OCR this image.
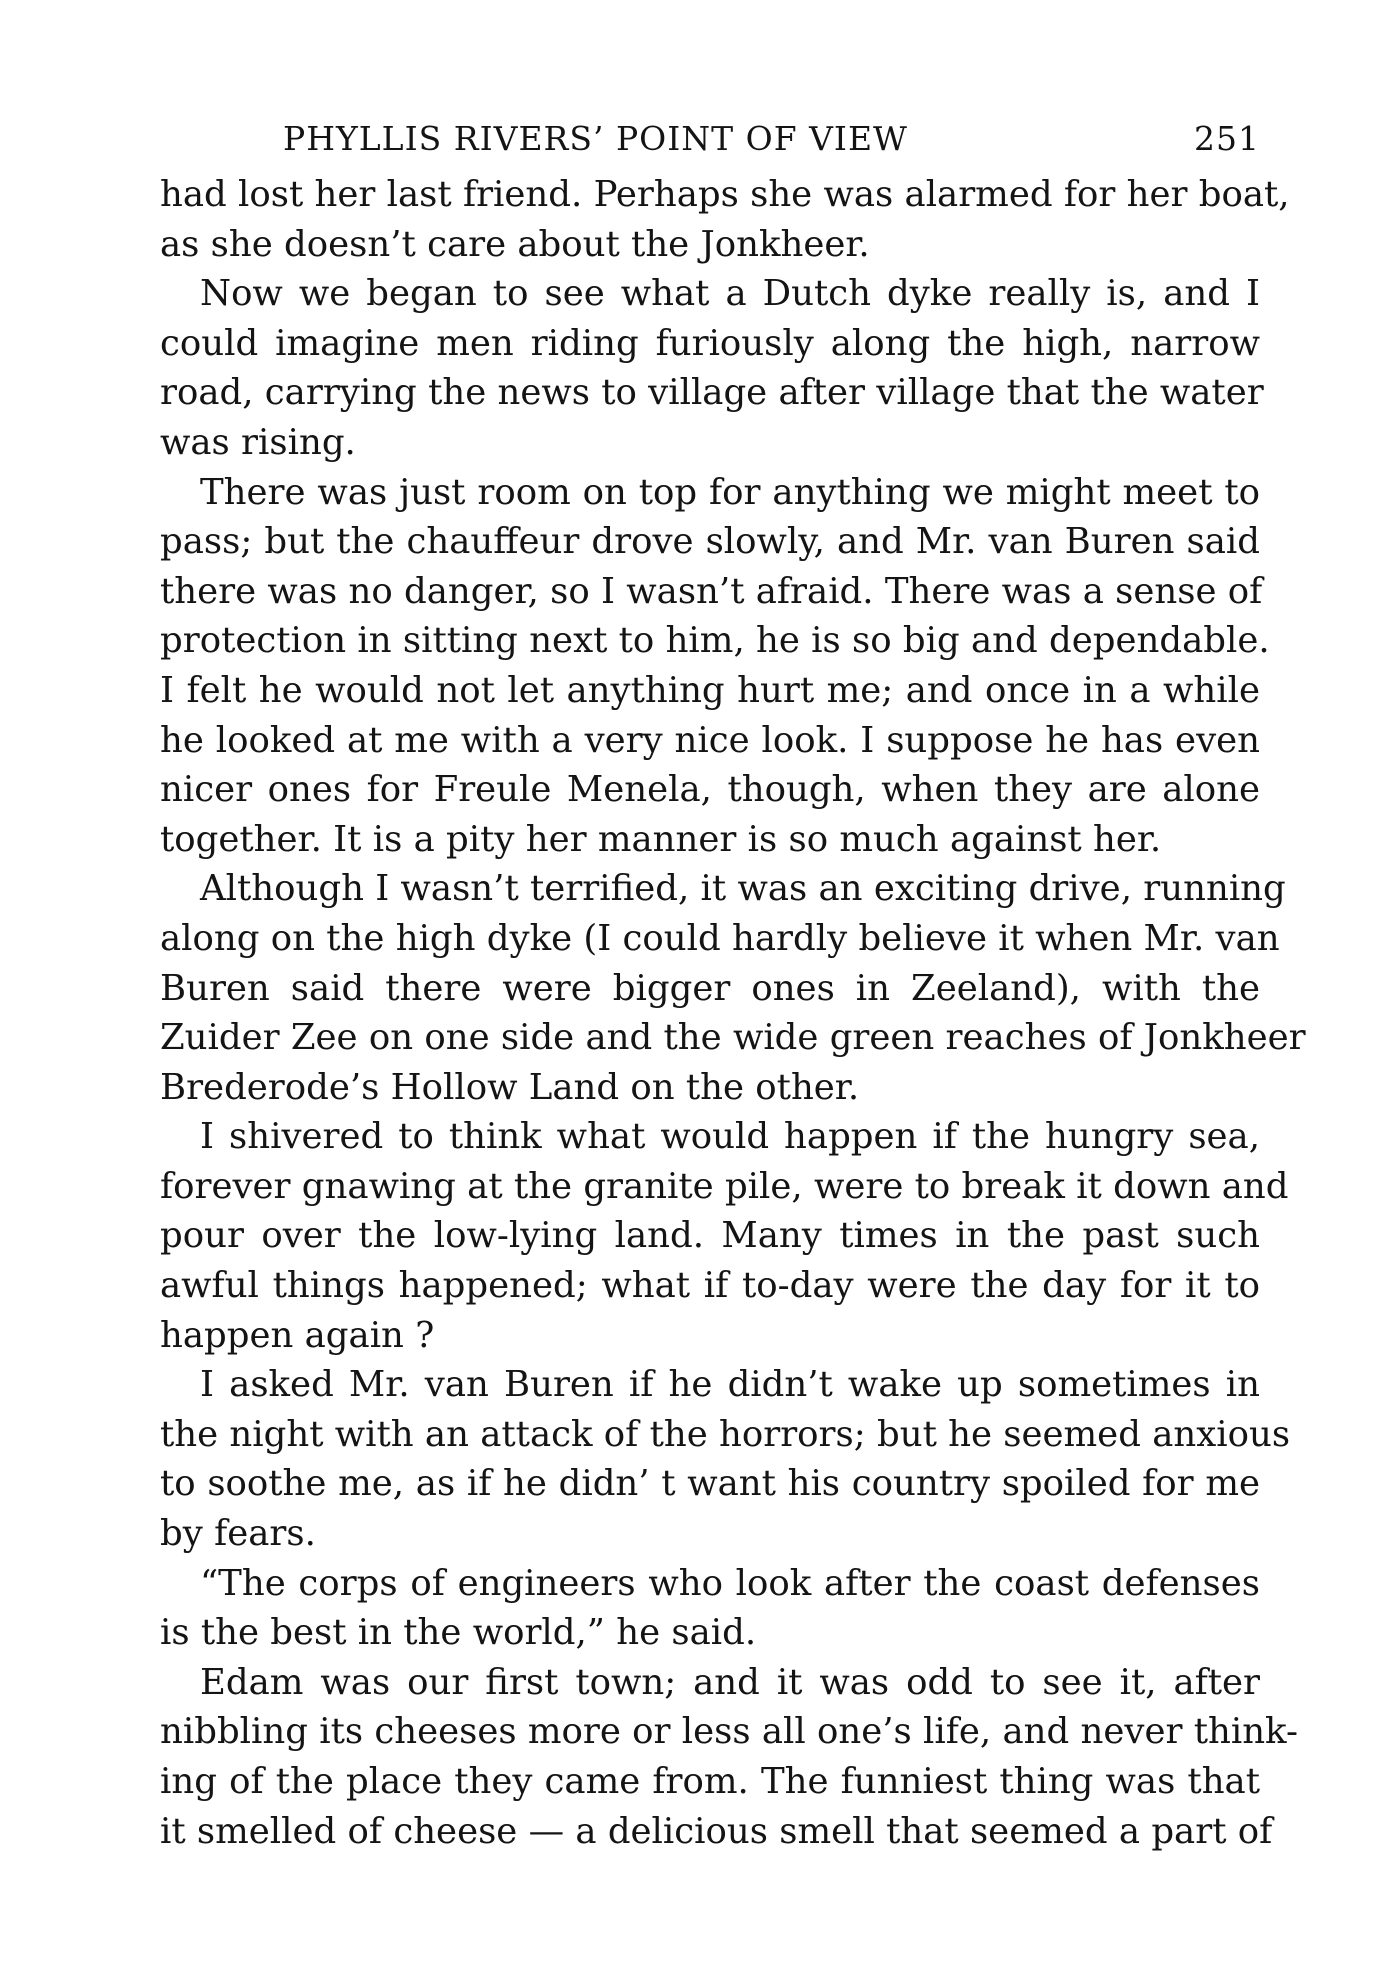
PHYLLIS RIVERS’ POINT OF VIEW	251

had lost her last friend. Perhaps she was alarmed for her boat,
as she doesn’t care about the Jonkheer.

Now we began to see what a Dutch dyke really is, and I
could imagine men riding furiously along the high, narrow
road, carrying the news to village after village that the water
was rising.

There was just room on top for anything we might meet to
pass; but the chauffeur drove slowly, and Mr. van Buren said
there was no danger, so I wasn’t afraid. There was a sense of
protection in sitting next to him, he is so big and dependable.
I felt he would not let anything hurt me; and once in a while
he looked at me with a very nice look. I suppose he has even
nicer ones for Freule Menela, though, when they are alone
together. It is a pity her manner is so much against her.

Although I wasn’t terrified, it was an exciting drive, running
along on the high dyke (I could hardly believe it when Mr. van
Buren said there were bigger ones in Zeeland), with the
Zuider Zee on one side and the wide green reaches of Jonkheer
Brederode’s Hollow Land on the other.

I shivered to think what would happen if the hungry sea,
forever gnawing at the granite pile, were to break it down and
pour over the low-lying land. Many times in the past such
awful things happened; what if to-day were the day for it to
happen again ?

I asked Mr. van Buren if he didn’t wake up sometimes in
the night with an attack of the horrors; but he seemed anxious
to soothe me, as if he didn’ t want his country spoiled for me
by fears.

“The corps of engineers who look after the coast defenses
is the best in the world,” he said.

Edam was our first town; and it was odd to see it, after
nibbling its cheeses more or less all one’s life, and never think-
ing of the place they came from. The funniest thing was that
it smelled of cheese — a delicious smell that seemed a part of
